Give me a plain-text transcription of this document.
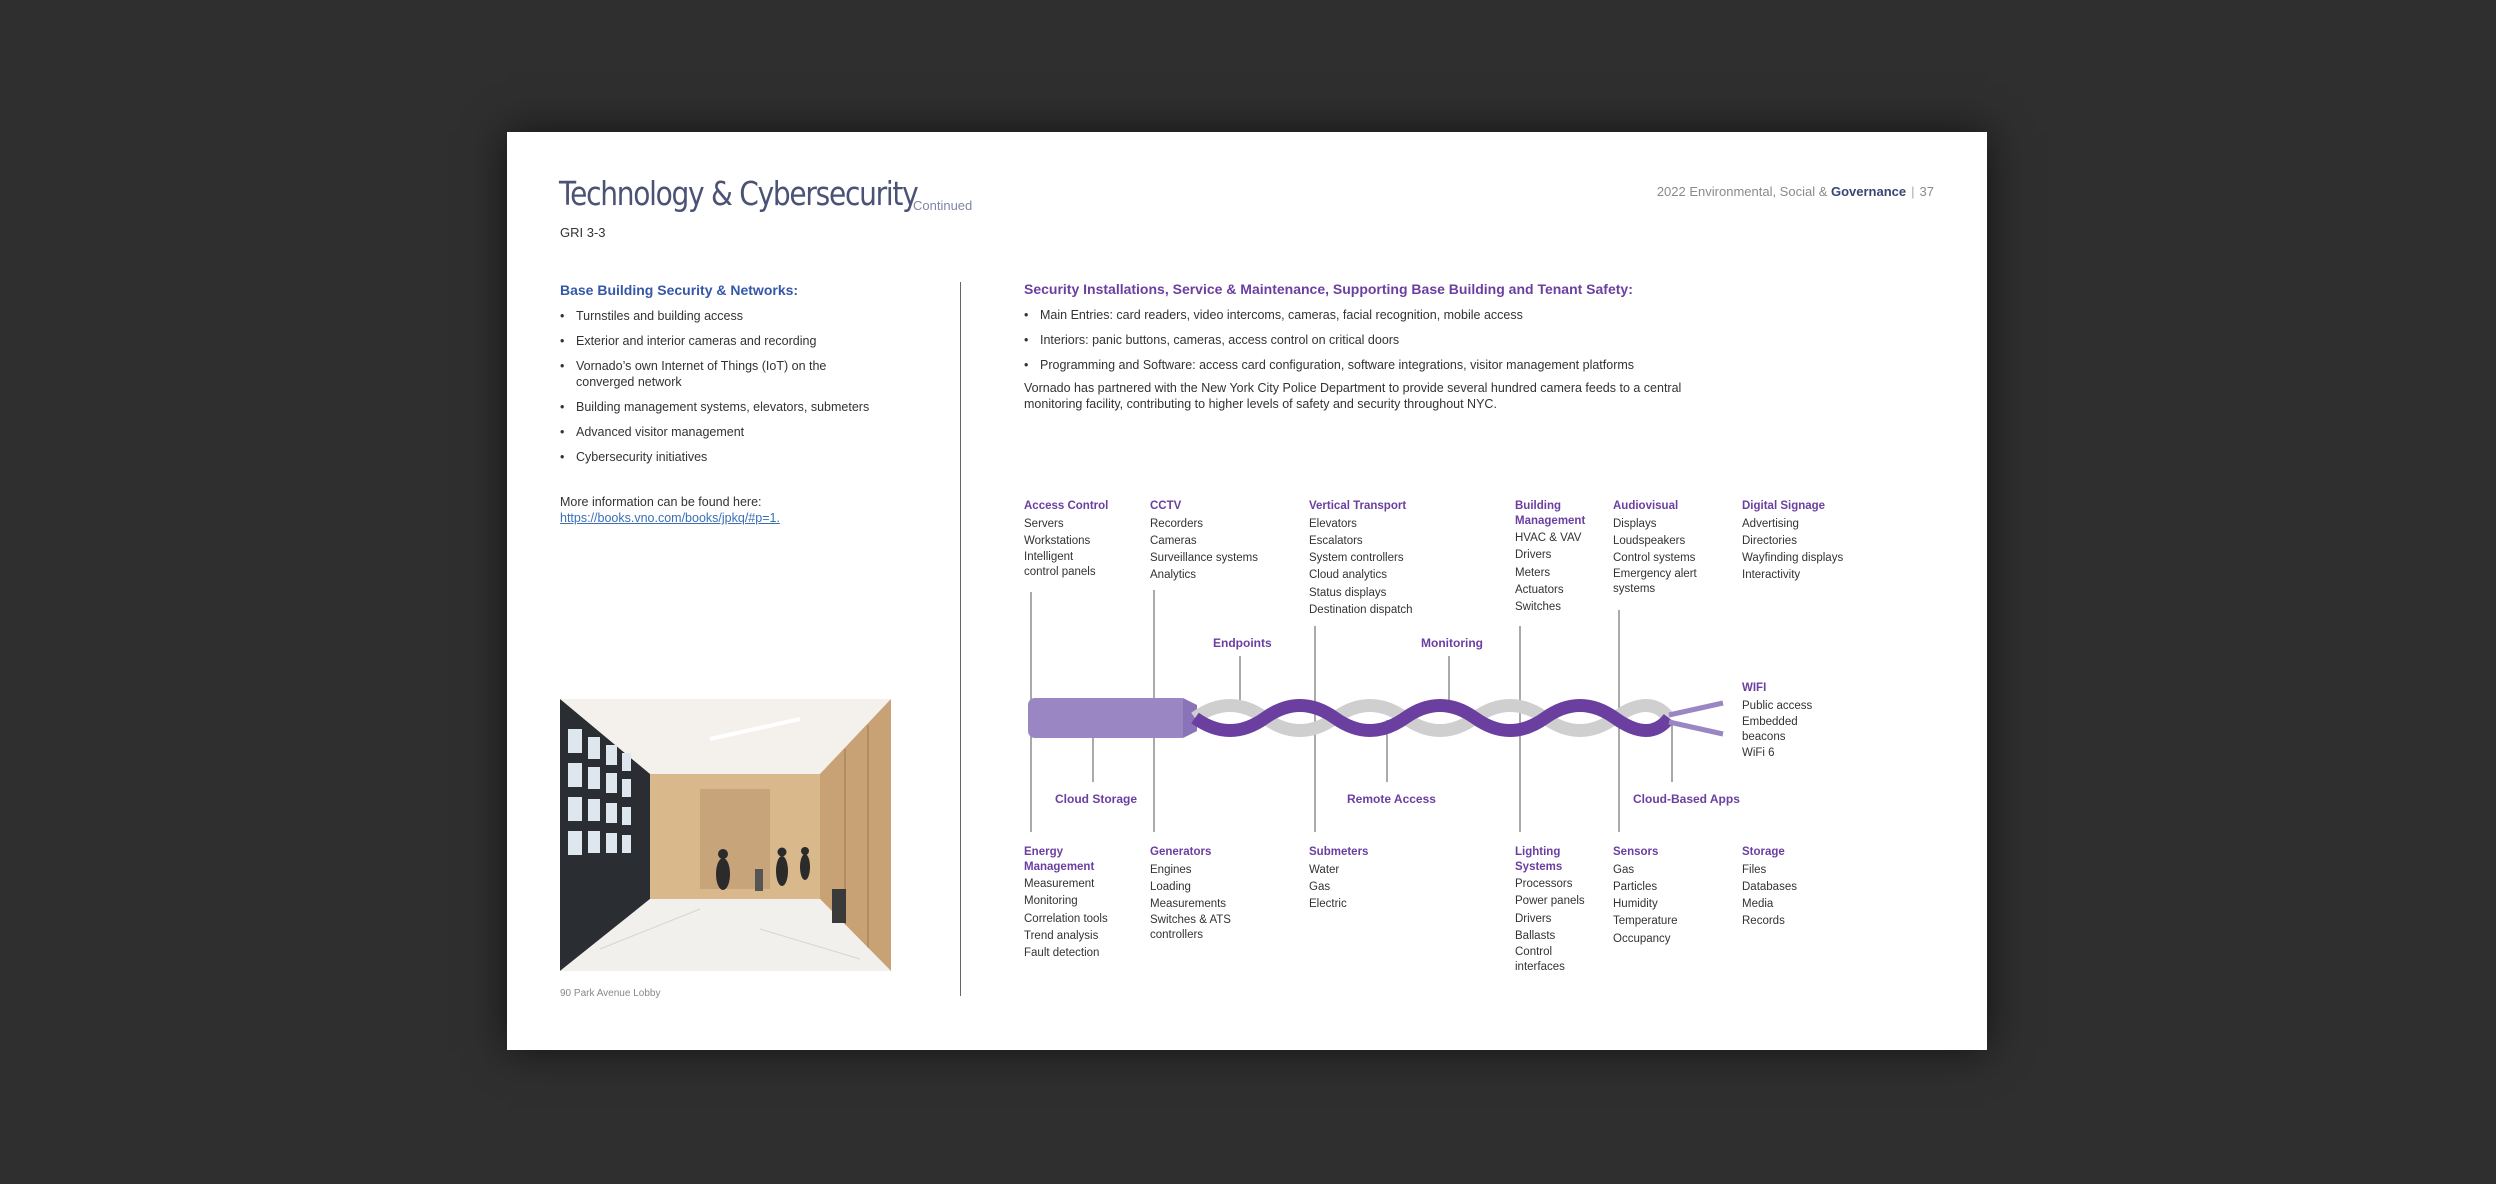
Technology & Cybersecurity
Continued
GRI 3-3
2022 Environmental, Social & Governance | 37
Base Building Security & Networks:
• Turnstiles and building access
• Exterior and interior cameras and recording
• Vornado’s own Internet of Things (IoT) on the converged network
• Building management systems, elevators, submeters
• Advanced visitor management
• Cybersecurity initiatives
More information can be found here:
https://books.vno.com/books/jpkq/#p=1.
90 Park Avenue Lobby
Security Installations, Service & Maintenance, Supporting Base Building and Tenant Safety:
• Main Entries: card readers, video intercoms, cameras, facial recognition, mobile access
• Interiors: panic buttons, cameras, access control on critical doors
• Programming and Software: access card configuration, software integrations, visitor management platforms
Vornado has partnered with the New York City Police Department to provide several hundred camera feeds to a central monitoring facility, contributing to higher levels of safety and security throughout NYC.
Endpoints	Monitoring
Cloud Storage	Remote Access	Cloud-Based Apps
Access Control
Servers
Workstations
Intelligent
control panels
CCTV
Recorders
Cameras
Surveillance systems
Analytics
Vertical Transport
Elevators
Escalators
System controllers
Cloud analytics
Status displays
Destination dispatch
Building
Management
HVAC & VAV
Drivers
Meters
Actuators
Switches
Audiovisual
Displays
Loudspeakers
Control systems
Emergency alert
systems
Digital Signage
Advertising
Directories
Wayfinding displays
Interactivity
WIFI
Public access
Embedded
beacons
WiFi 6
Energy
Management
Measurement
Monitoring
Correlation tools
Trend analysis
Fault detection
Generators
Engines
Loading
Measurements
Switches & ATS
controllers
Submeters
Water
Gas
Electric
Lighting
Systems
Processors
Power panels
Drivers
Ballasts
Control
interfaces
Sensors
Gas
Particles
Humidity
Temperature
Occupancy
Storage
Files
Databases
Media
Records
